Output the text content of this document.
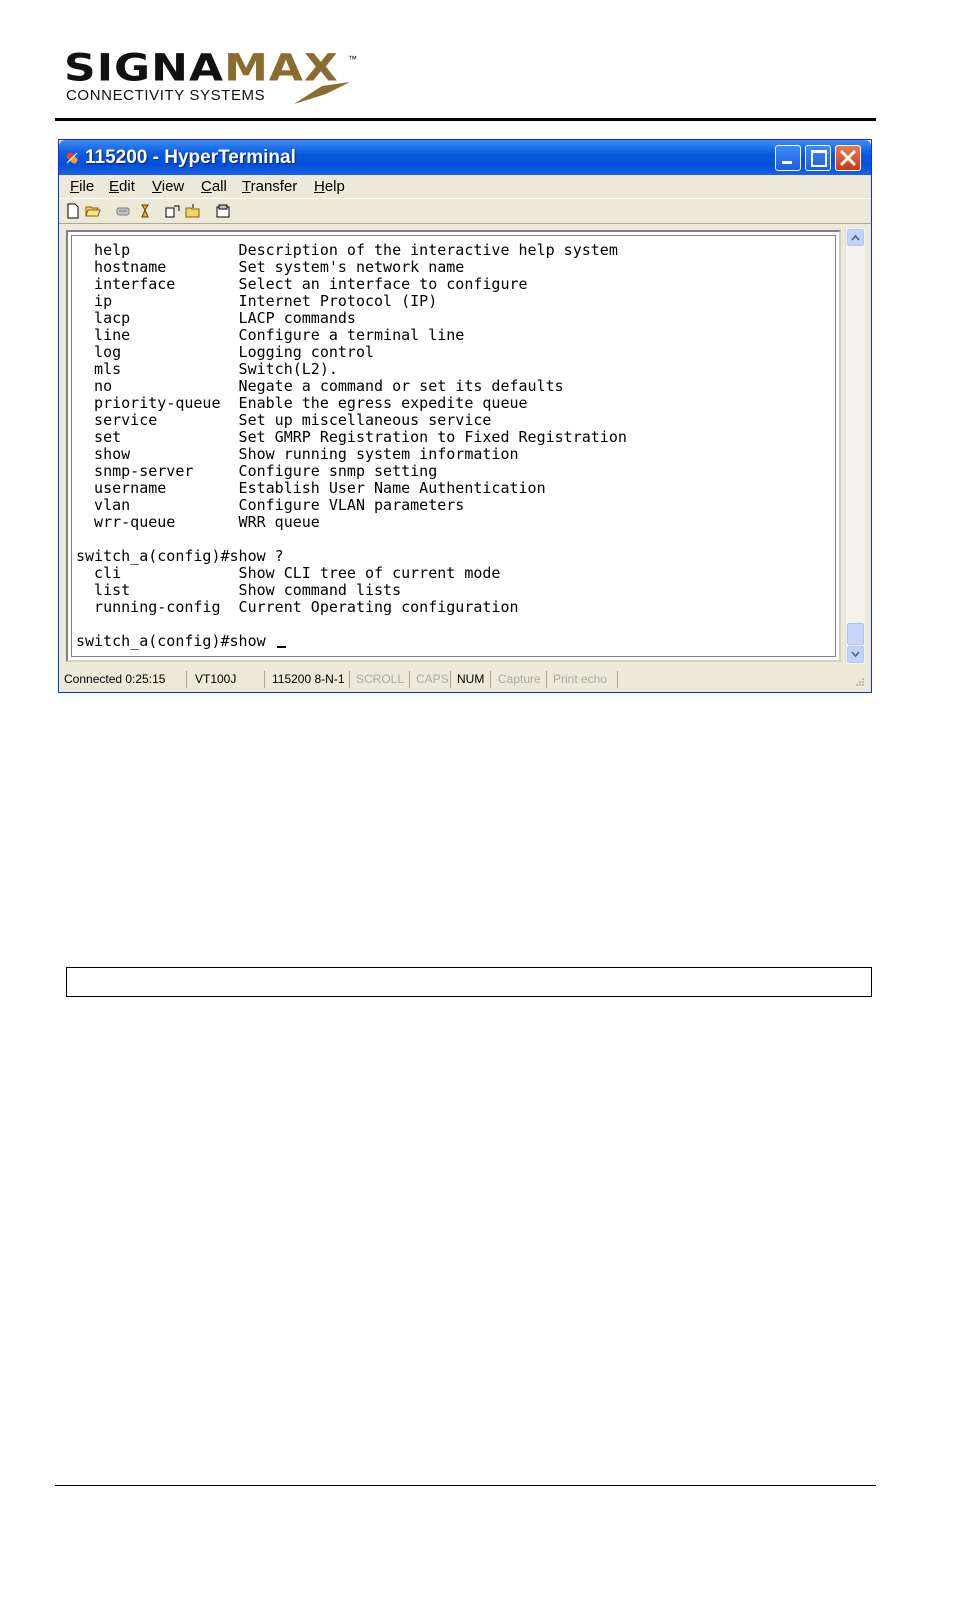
SIGNAMAX ™
CONNECTIVITY SYSTEMS
115200 - HyperTerminal
File Edit View Call Transfer Help
help            Description of the interactive help system
hostname        Set system's network name
interface       Select an interface to configure
ip              Internet Protocol (IP)
lacp            LACP commands
line            Configure a terminal line
log             Logging control
mls             Switch(L2).
no              Negate a command or set its defaults
priority-queue  Enable the egress expedite queue
service         Set up miscellaneous service
set             Set GMRP Registration to Fixed Registration
show            Show running system information
snmp-server     Configure snmp setting
username        Establish User Name Authentication
vlan            Configure VLAN parameters
wrr-queue       WRR queue

switch_a(config)#show ?
cli             Show CLI tree of current mode
list            Show command lists
running-config  Current Operating configuration

switch_a(config)#show
Connected 0:25:15 VT100J	115200 8-N-1 SCROLL CAPS NUM Capture Print echo
